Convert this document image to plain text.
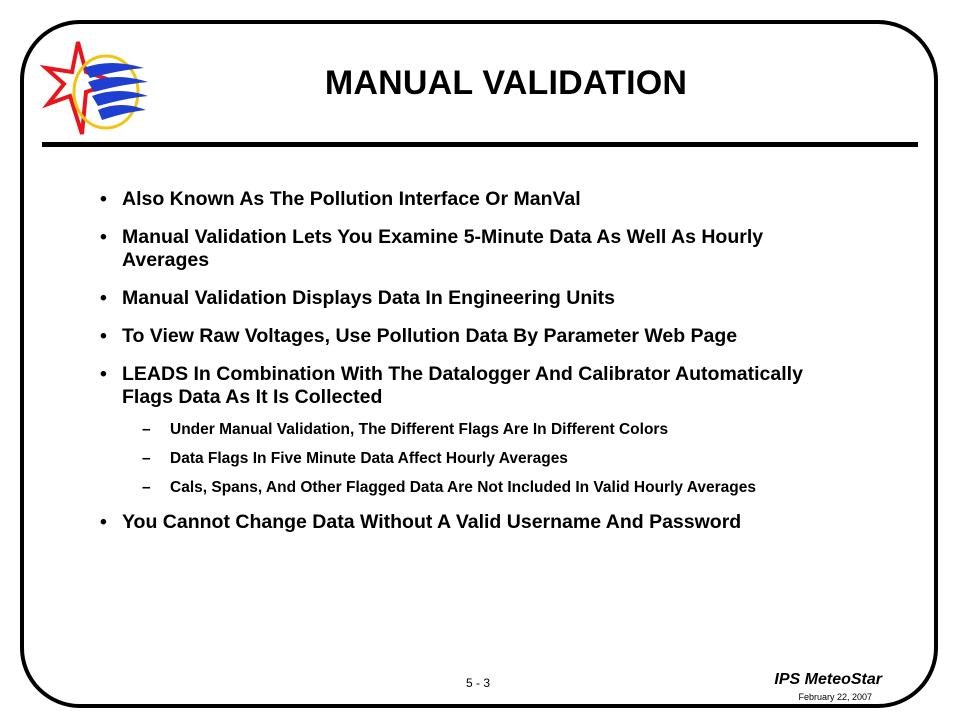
MANUAL VALIDATION
• Also Known As The Pollution Interface Or ManVal
• Manual Validation Lets You Examine 5-Minute Data As Well As Hourly Averages
• Manual Validation Displays Data In Engineering Units
• To View Raw Voltages, Use Pollution Data By Parameter Web Page
• LEADS In Combination With The Datalogger And Calibrator Automatically Flags Data As It Is Collected
– Under Manual Validation, The Different Flags Are In Different Colors
– Data Flags In Five Minute Data Affect Hourly Averages
– Cals, Spans, And Other Flagged Data Are Not Included In Valid Hourly Averages
• You Cannot Change Data Without A Valid Username And Password
5 - 3	IPS MeteoStar
February 22, 2007
